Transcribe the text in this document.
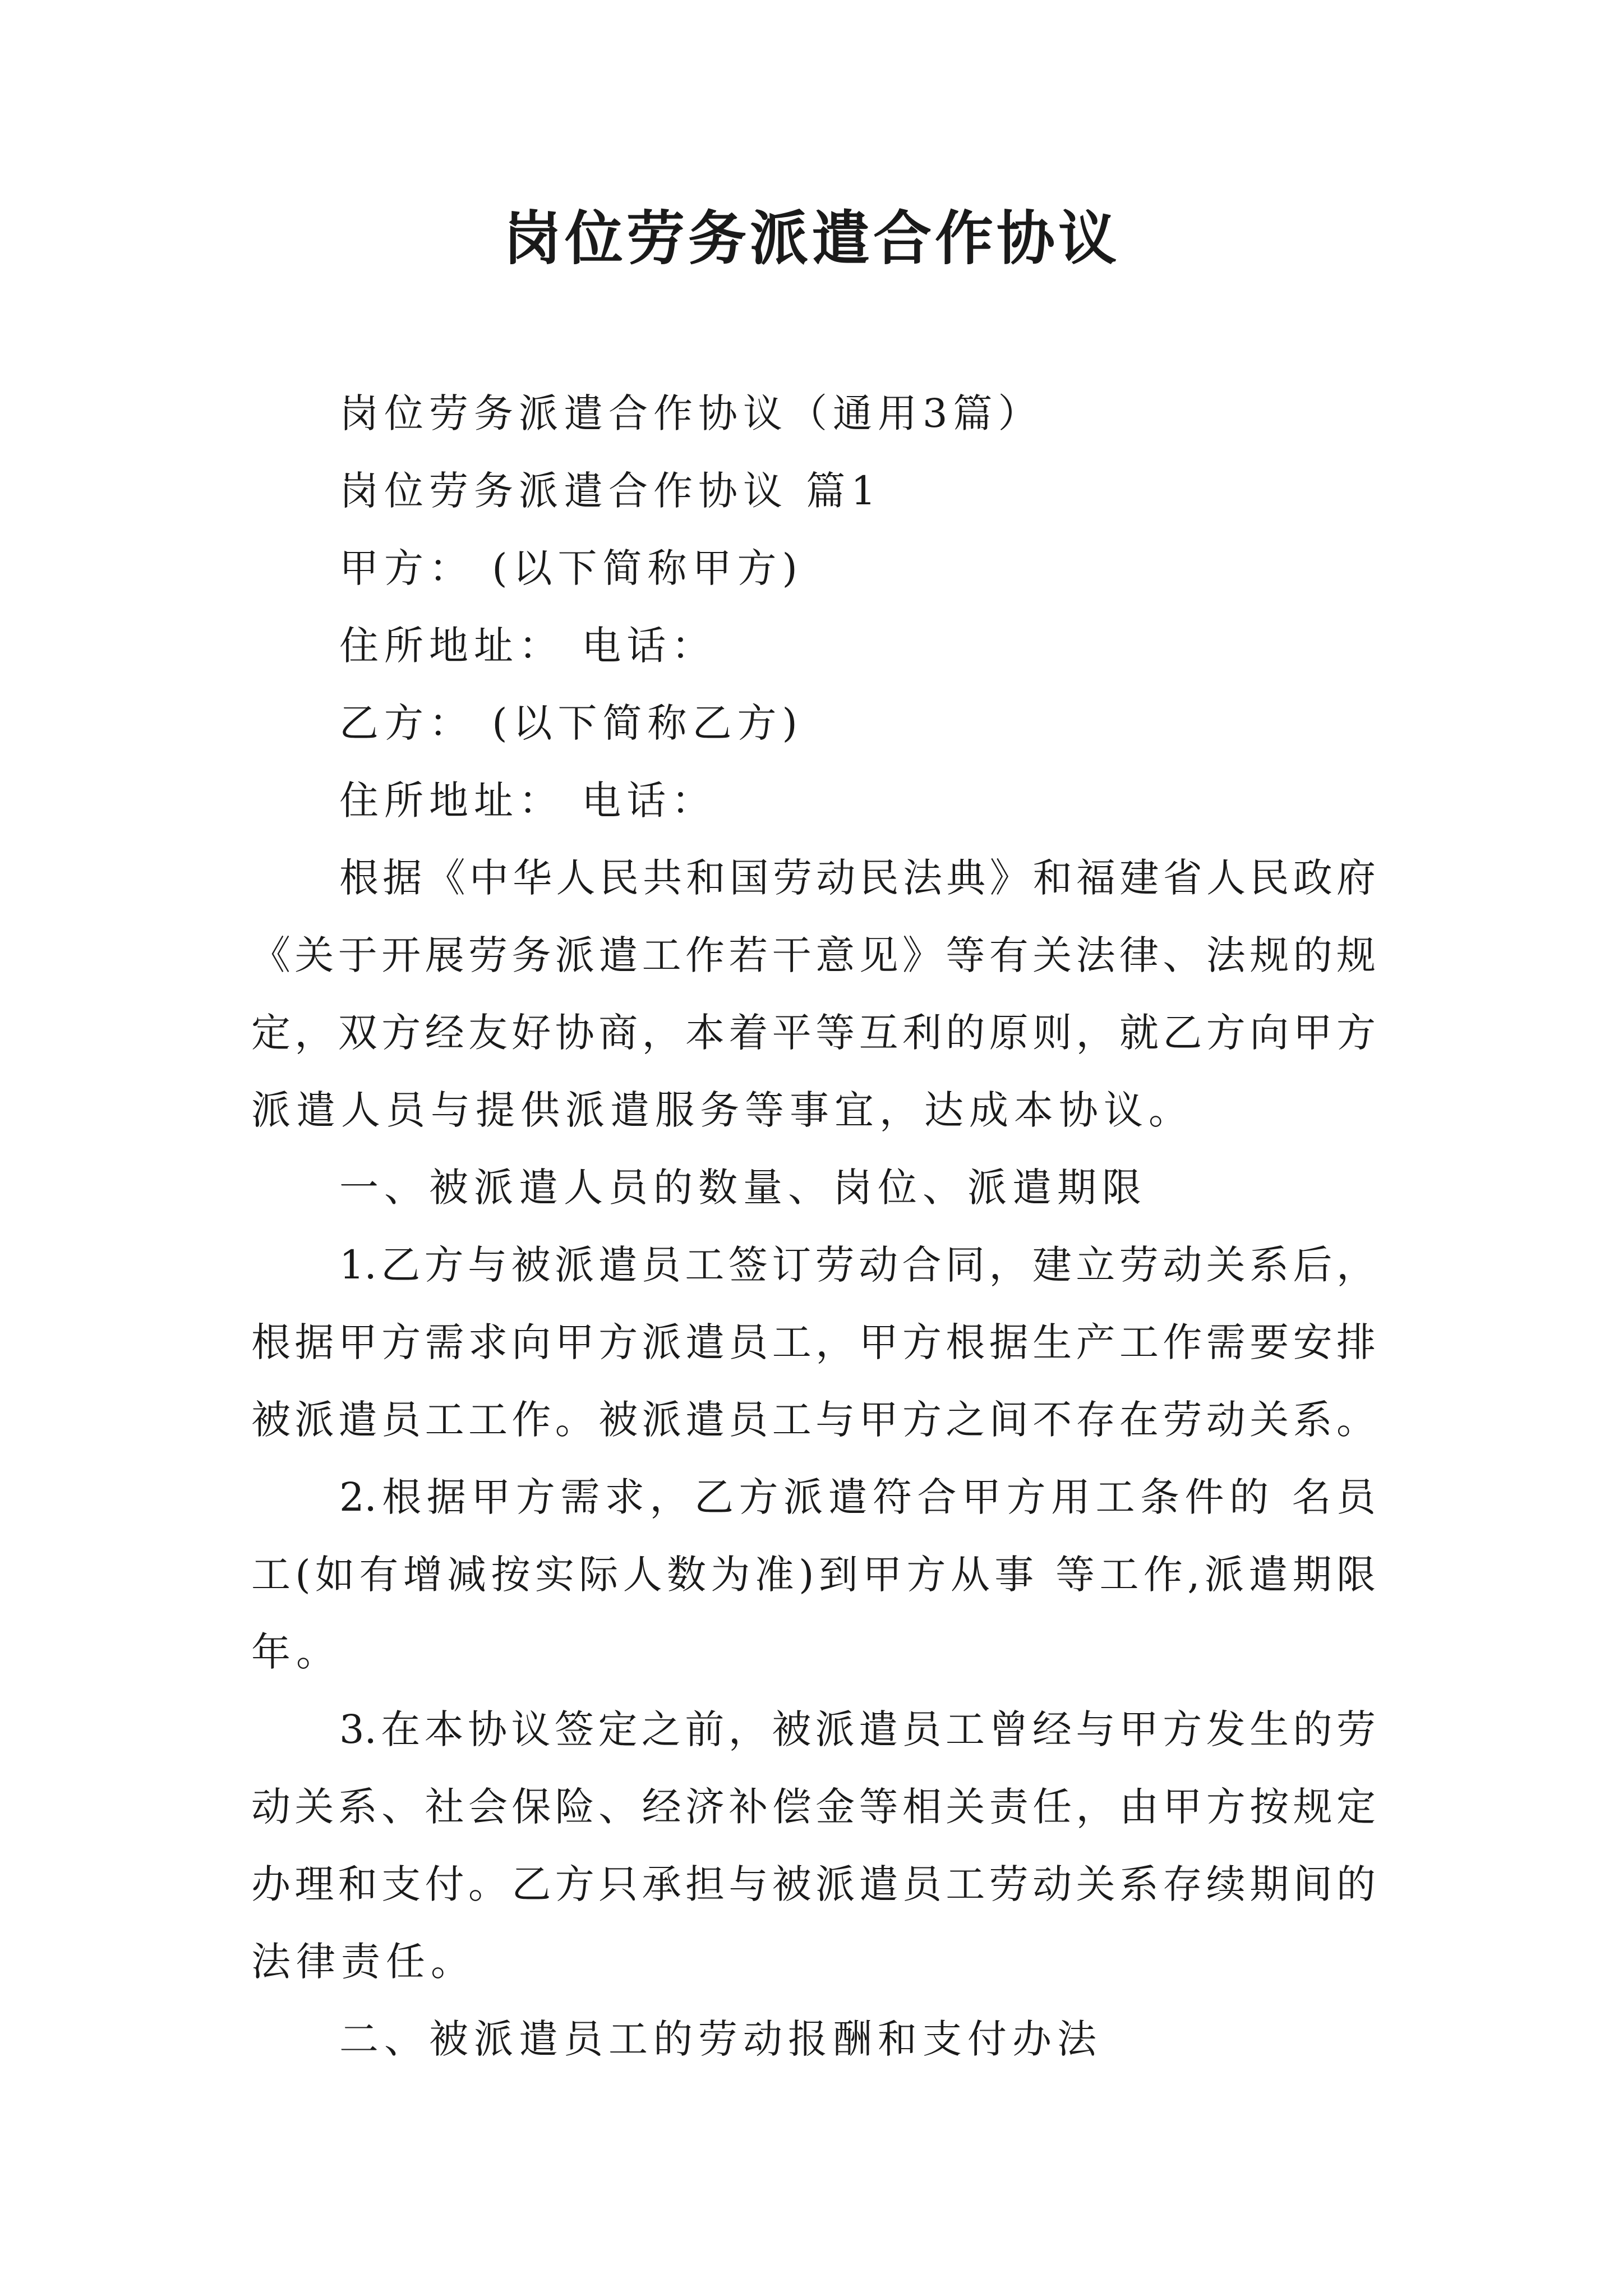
岗位劳务派遣合作协议
岗位劳务派遣合作协议（通用3篇）
岗位劳务派遣合作协议 篇1
甲方： (以下简称甲方)
住所地址： 电话：
乙方： (以下简称乙方)
住所地址： 电话：
根据《中华人民共和国劳动民法典》和福建省人民政府
《关于开展劳务派遣工作若干意见》等有关法律、法规的规
定，双方经友好协商，本着平等互利的原则，就乙方向甲方
派遣人员与提供派遣服务等事宜，达成本协议。
一、被派遣人员的数量、岗位、派遣期限
1.乙方与被派遣员工签订劳动合同，建立劳动关系后，
根据甲方需求向甲方派遣员工，甲方根据生产工作需要安排
被派遣员工工作。被派遣员工与甲方之间不存在劳动关系。
2.根据甲方需求，乙方派遣符合甲方用工条件的 名员
工(如有增减按实际人数为准)到甲方从事 等工作,派遣期限
年。
3.在本协议签定之前，被派遣员工曾经与甲方发生的劳
动关系、社会保险、经济补偿金等相关责任，由甲方按规定
办理和支付。乙方只承担与被派遣员工劳动关系存续期间的
法律责任。
二、被派遣员工的劳动报酬和支付办法
